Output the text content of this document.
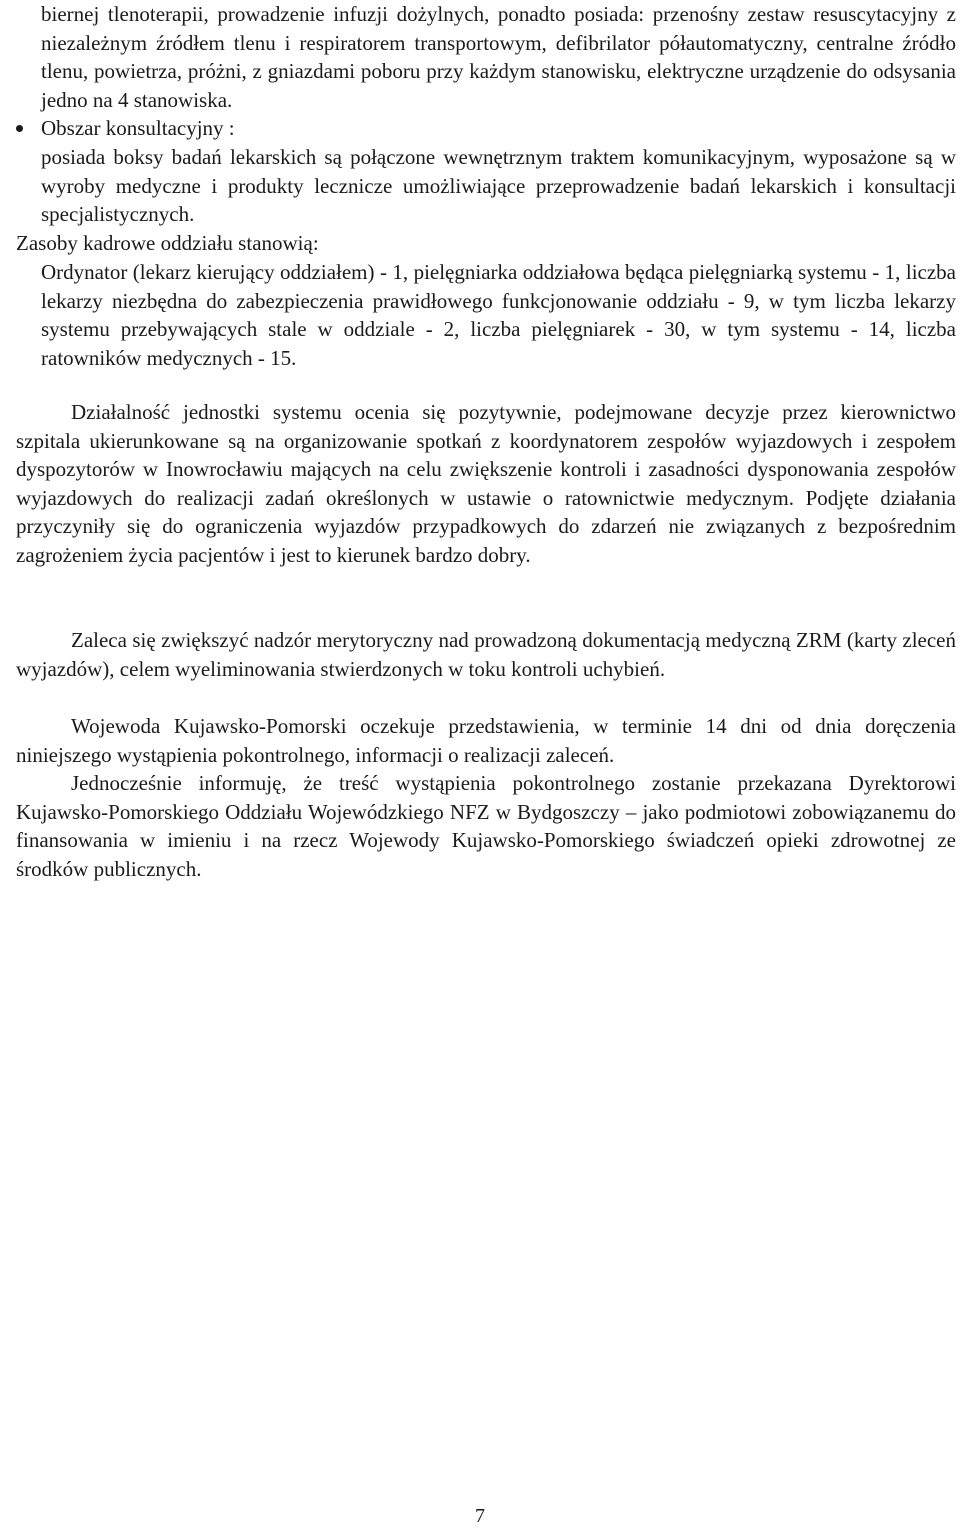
biernej tlenoterapii, prowadzenie infuzji dożylnych, ponadto posiada: przenośny zestaw resuscytacyjny z niezależnym źródłem tlenu i respiratorem transportowym, defibrilator półautomatyczny, centralne źródło tlenu, powietrza, próżni, z gniazdami poboru przy każdym stanowisku, elektryczne urządzenie do odsysania jedno na 4 stanowiska.

Obszar konsultacyjny :

posiada boksy badań lekarskich są połączone wewnętrznym traktem komunikacyjnym, wyposażone są w wyroby medyczne i produkty lecznicze umożliwiające przeprowadzenie badań lekarskich i konsultacji specjalistycznych.

Zasoby kadrowe oddziału stanowią:

Ordynator (lekarz kierujący oddziałem) - 1, pielęgniarka oddziałowa będąca pielęgniarką systemu - 1, liczba lekarzy niezbędna do zabezpieczenia prawidłowego funkcjonowanie oddziału - 9, w tym liczba lekarzy systemu przebywających stale w oddziale - 2, liczba pielęgniarek - 30, w tym systemu - 14, liczba ratowników medycznych - 15.

Działalność jednostki systemu ocenia się pozytywnie, podejmowane decyzje przez kierownictwo szpitala ukierunkowane są na organizowanie spotkań z koordynatorem zespołów wyjazdowych i zespołem dyspozytorów w Inowrocławiu mających na celu zwiększenie kontroli i zasadności dysponowania zespołów wyjazdowych do realizacji zadań określonych w ustawie o ratownictwie medycznym. Podjęte działania przyczyniły się do ograniczenia wyjazdów przypadkowych do zdarzeń nie związanych z bezpośrednim zagrożeniem życia pacjentów i jest to kierunek bardzo dobry.

Zaleca się zwiększyć nadzór merytoryczny nad prowadzoną dokumentacją medyczną ZRM (karty zleceń wyjazdów), celem wyeliminowania stwierdzonych w toku kontroli uchybień.

Wojewoda Kujawsko-Pomorski oczekuje przedstawienia, w terminie 14 dni od dnia doręczenia niniejszego wystąpienia pokontrolnego, informacji o realizacji zaleceń.

Jednocześnie informuję, że treść wystąpienia pokontrolnego zostanie przekazana Dyrektorowi Kujawsko-Pomorskiego Oddziału Wojewódzkiego NFZ w Bydgoszczy – jako podmiotowi zobowiązanemu do finansowania w imieniu i na rzecz Wojewody Kujawsko-Pomorskiego świadczeń opieki zdrowotnej ze środków publicznych.

7
